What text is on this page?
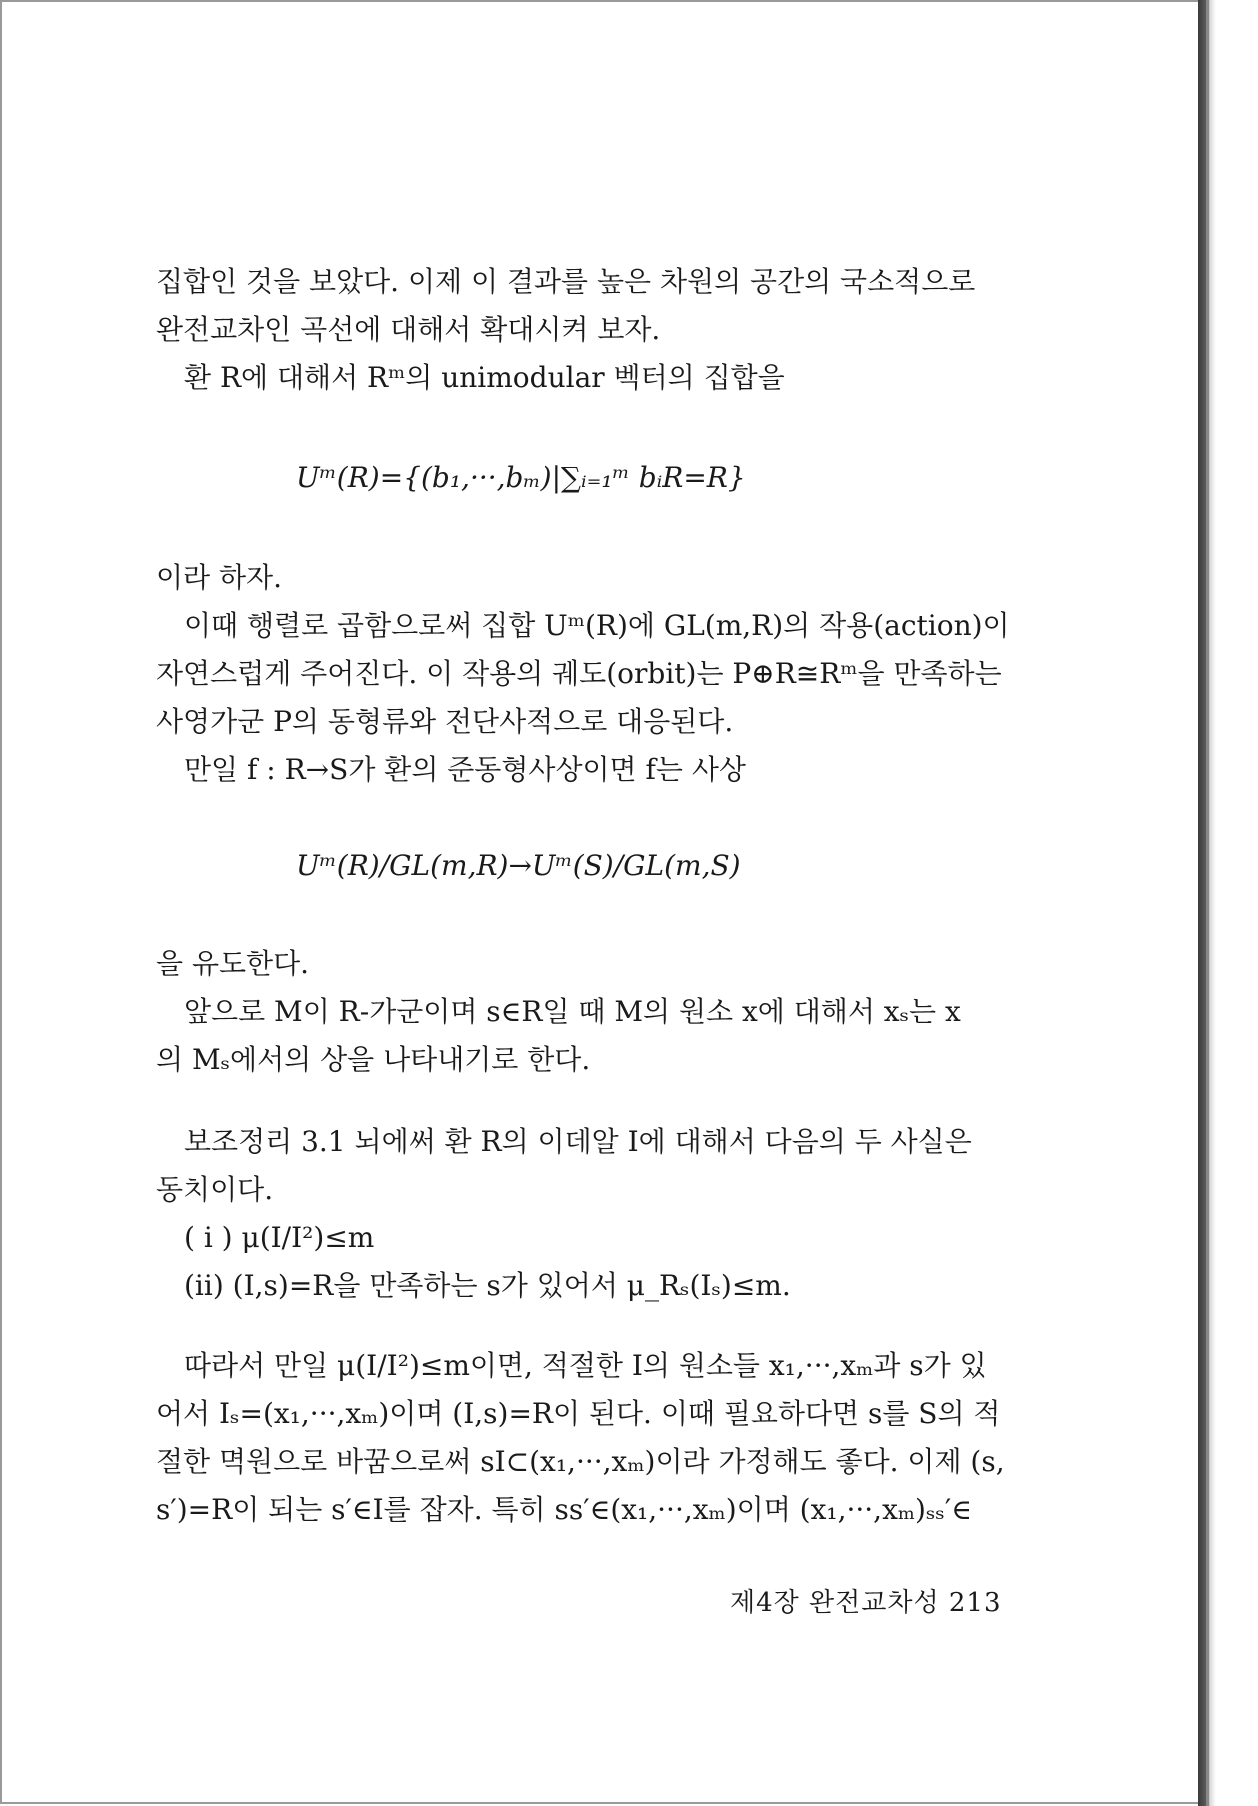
집합인 것을 보았다. 이제 이 결과를 높은 차원의 공간의 국소적으로

완전교차인 곡선에 대해서 확대시켜 보자.

환 R에 대해서 Rᵐ의 unimodular 벡터의 집합을

Uᵐ(R)={(b₁,···,bₘ)|∑ᵢ₌₁ᵐ bᵢR=R}

이라 하자.

이때 행렬로 곱함으로써 집합 Uᵐ(R)에 GL(m,R)의 작용(action)이

자연스럽게 주어진다. 이 작용의 궤도(orbit)는 P⊕R≅Rᵐ을 만족하는

사영가군 P의 동형류와 전단사적으로 대응된다.

만일 f : R→S가 환의 준동형사상이면 f는 사상

Uᵐ(R)/GL(m,R)→Uᵐ(S)/GL(m,S)

을 유도한다.

앞으로 M이 R-가군이며 s∈R일 때 M의 원소 x에 대해서 xₛ는 x

의 Mₛ에서의 상을 나타내기로 한다.

보조정리 3.1 뇌에써 환 R의 이데알 I에 대해서 다음의 두 사실은

동치이다.

( i ) μ(I/I²)≤m

(ii) (I,s)=R을 만족하는 s가 있어서 μ_Rₛ(Iₛ)≤m.

따라서 만일 μ(I/I²)≤m이면, 적절한 I의 원소들 x₁,···,xₘ과 s가 있

어서 Iₛ=(x₁,···,xₘ)이며 (I,s)=R이 된다. 이때 필요하다면 s를 S의 적

절한 멱원으로 바꿈으로써 sI⊂(x₁,···,xₘ)이라 가정해도 좋다. 이제 (s,

s′)=R이 되는 s′∈I를 잡자. 특히 ss′∈(x₁,···,xₘ)이며 (x₁,···,xₘ)ₛₛ′∈

제4장 완전교차성 213
